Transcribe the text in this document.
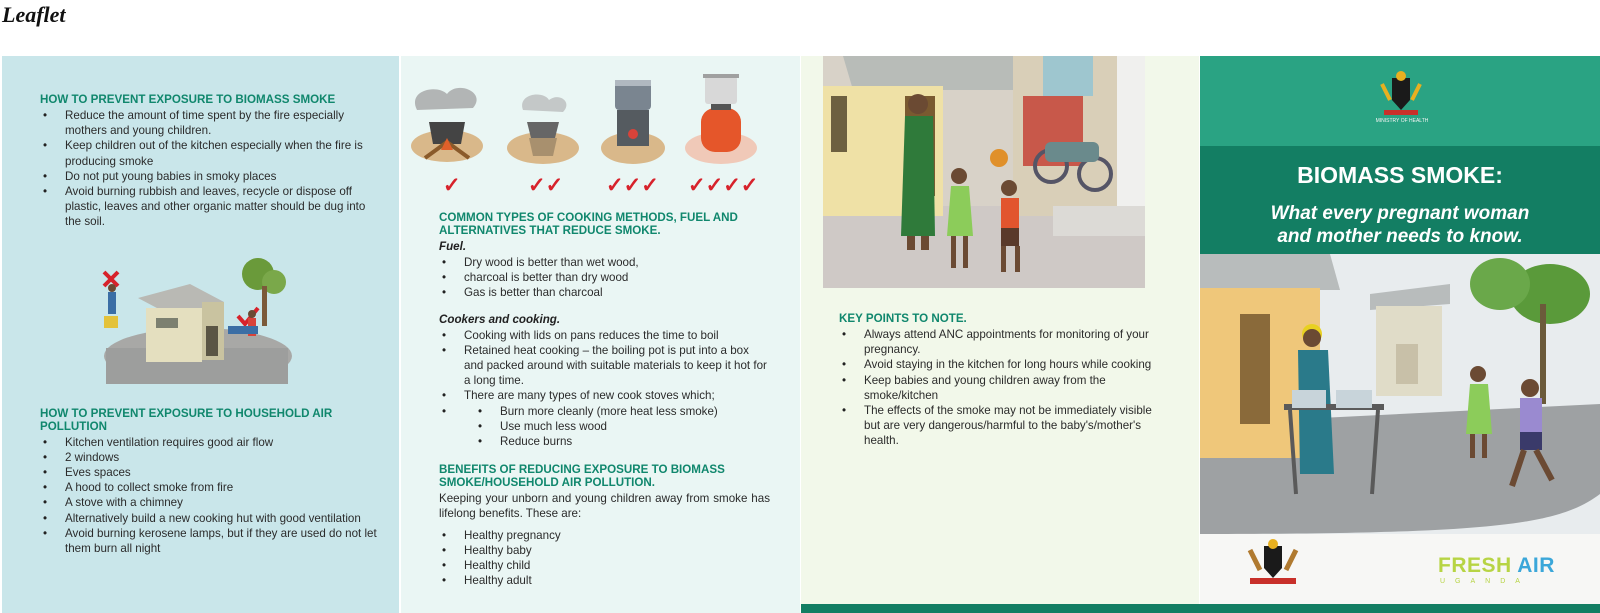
Leaflet
HOW TO PREVENT EXPOSURE TO BIOMASS SMOKE
• Reduce the amount of time spent by the fire especially mothers and young children.
• Keep children out of the kitchen especially when the fire is producing smoke
• Do not put young babies in smoky places
• Avoid burning rubbish and leaves, recycle or dispose off plastic, leaves and other organic matter should be dug into the soil.
HOW TO PREVENT EXPOSURE TO HOUSEHOLD AIR POLLUTION
• Kitchen ventilation requires good air flow
• 2 windows
• Eves spaces
• A hood to collect smoke from fire
• A stove with a chimney
• Alternatively build a new cooking hut with good ventilation
• Avoid burning kerosene lamps, but if they are used do not let them burn all night
✓	✓✓ ✓✓✓ ✓✓✓✓
COMMON TYPES OF COOKING METHODS, FUEL AND ALTERNATIVES THAT REDUCE SMOKE.

Fuel.

• Dry wood is better than wet wood,
• charcoal is better than dry wood
• Gas is better than charcoal

Cookers and cooking.

• Cooking with lids on pans reduces the time to boil
• Retained heat cooking – the boiling pot is put into a box and packed around with suitable materials to keep it hot for a long time.
• There are many types of new cook stoves which;
• • Burn more cleanly (more heat less smoke)
• Use much less wood
• Reduce burns
BENEFITS OF REDUCING EXPOSURE TO BIOMASS SMOKE/HOUSEHOLD AIR POLLUTION.

Keeping your unborn and young children away from smoke has lifelong benefits. These are:

• Healthy pregnancy
• Healthy baby
• Healthy child
• Healthy adult
KEY POINTS TO NOTE.
• Always attend ANC appointments for monitoring of your pregnancy.
• Avoid staying in the kitchen for long hours while cooking
• Keep babies and young children away from the smoke/kitchen
• The effects of the smoke may not be immediately visible but are very dangerous/harmful to the baby's/mother's health.
MINISTRY OF HEALTH
BIOMASS SMOKE:
What every pregnant woman
and mother needs to know.
FRESH AIR
UGANDA
